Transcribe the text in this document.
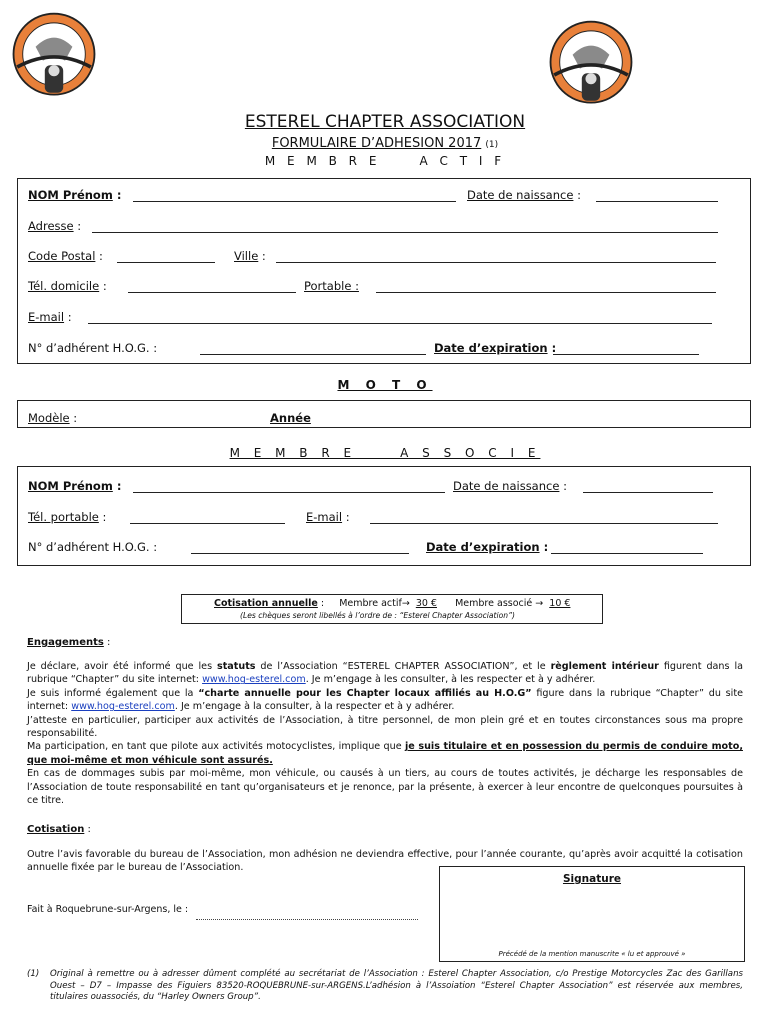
ESTEREL CHAPTER ASSOCIATION
FORMULAIRE D’ADHESION 2017 (1)
M E M B R E     A C T I F
NOM Prénom :	Date de naissance :
Adresse :
Code Postal :	Ville :
Tél. domicile :	Portable :
E-mail :
N° d’adhérent H.O.G. :	Date d’expiration :
M O T O
Modèle :	Année
M E M B R E     A S S O C I E
NOM Prénom :	Date de naissance :
Tél. portable :	E-mail :
N° d’adhérent H.O.G. :	Date d’expiration :
Cotisation annuelle :     Membre actif→  30 € Membre associé →  10 €
(Les chèques seront libellés à l’ordre de : “Esterel Chapter Association”)
Engagements :
Je déclare, avoir été informé que les statuts de l’Association “ESTEREL CHAPTER ASSOCIATION”, et le règlement intérieur figurent dans la rubrique “Chapter” du site internet: www.hog-esterel.com. Je m’engage à les consulter, à les respecter et à y adhérer.
Je suis informé également que la “charte annuelle pour les Chapter locaux affiliés au H.O.G” figure dans la rubrique “Chapter” du site internet: www.hog-esterel.com. Je m’engage à la consulter, à la respecter et à y adhérer.
J’atteste en particulier, participer aux activités de l’Association, à titre personnel, de mon plein gré et en toutes circonstances sous ma propre responsabilité.
Ma participation, en tant que pilote aux activités motocyclistes, implique que je suis titulaire et en possession du permis de conduire moto, que moi-même et mon véhicule sont assurés.
En cas de dommages subis par moi-même, mon véhicule, ou causés à un tiers, au cours de toutes activités, je décharge les responsables de l’Association de toute responsabilité en tant qu’organisateurs et je renonce, par la présente, à exercer à leur encontre de quelconques poursuites à ce titre.
Cotisation :
Outre l’avis favorable du bureau de l’Association, mon adhésion ne deviendra effective, pour l’année courante, qu’après avoir acquitté la cotisation annuelle fixée par le bureau de l’Association.
Fait à Roquebrune-sur-Argens, le :
Signature
Précédé de la mention manuscrite « lu et approuvé »
(1) Original à remettre ou à adresser dûment complété au secrétariat de l’Association : Esterel Chapter Association, c/o Prestige Motorcycles Zac des Garillans Ouest – D7 – Impasse des Figuiers 83520-ROQUEBRUNE-sur-ARGENS.L’adhésion à l’Assoiation “Esterel Chapter Association” est réservée aux membres, titulaires ouassociés, du “Harley Owners Group”.
